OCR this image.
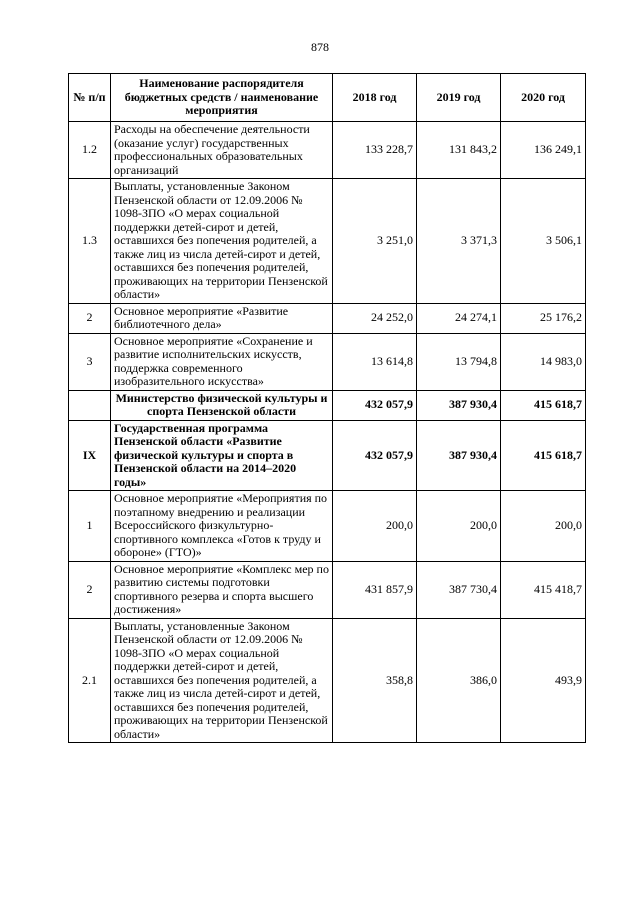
878
№ п/п	Наименование распорядителя бюджетных средств / наименование мероприятия	2018 год	2019 год	2020 год
1.2	Расходы на обеспечение деятельности (оказание услуг) государственных профессиональных образовательных организаций	133 228,7	131 843,2	136 249,1
1.3	Выплаты, установленные Законом Пензенской области от 12.09.2006 № 1098-ЗПО «О мерах социальной поддержки детей-сирот и детей, оставшихся без попечения родителей, а также лиц из числа детей-сирот и детей, оставшихся без попечения родителей, проживающих на территории Пензенской области»	3 251,0	3 371,3	3 506,1
2	Основное мероприятие «Развитие библиотечного дела»	24 252,0	24 274,1	25 176,2
3	Основное мероприятие «Сохранение и развитие исполнительских искусств, поддержка современного изобразительного искусства»	13 614,8	13 794,8	14 983,0
	Министерство физической культуры и спорта Пензенской области	432 057,9	387 930,4	415 618,7
IX	Государственная программа Пензенской области «Развитие физической культуры и спорта в Пензенской области на 2014–2020 годы»	432 057,9	387 930,4	415 618,7
1	Основное мероприятие «Мероприятия по поэтапному внедрению и реализации Всероссийского физкультурно-спортивного комплекса «Готов к труду и обороне» (ГТО)»	200,0	200,0	200,0
2	Основное мероприятие «Комплекс мер по развитию системы подготовки спортивного резерва и спорта высшего достижения»	431 857,9	387 730,4	415 418,7
2.1	Выплаты, установленные Законом Пензенской области от 12.09.2006 № 1098-ЗПО «О мерах социальной поддержки детей-сирот и детей, оставшихся без попечения родителей, а также лиц из числа детей-сирот и детей, оставшихся без попечения родителей, проживающих на территории Пензенской области»	358,8	386,0	493,9
